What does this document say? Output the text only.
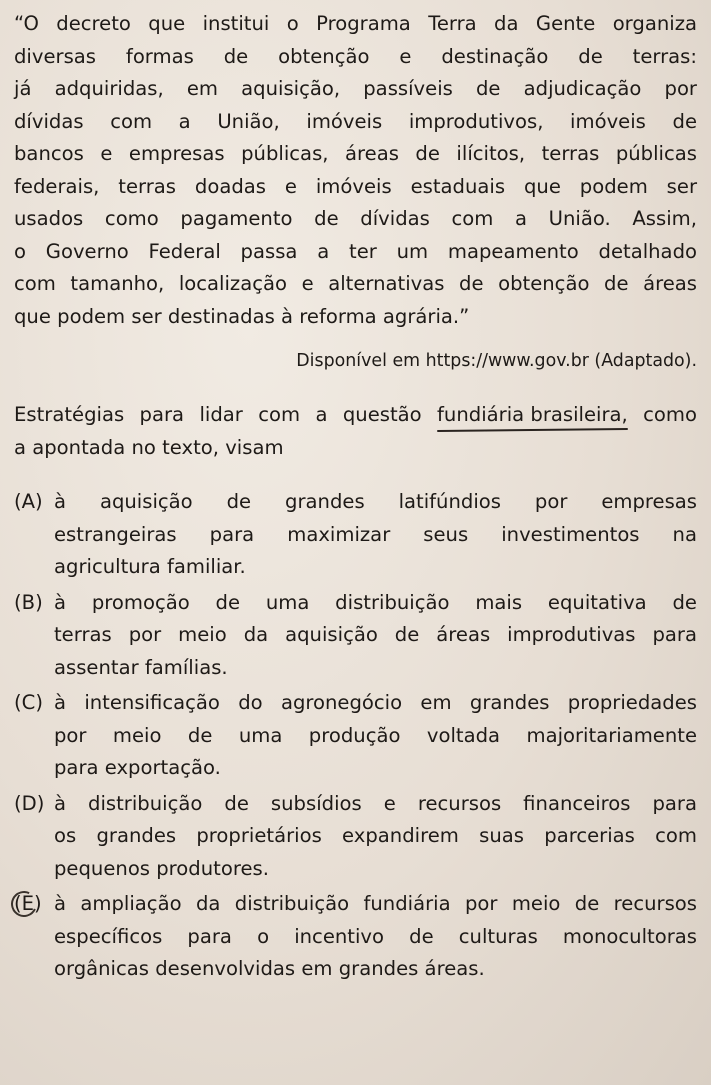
“O decreto que institui o Programa Terra da Gente organiza
diversas formas de obtenção e destinação de terras:
já adquiridas, em aquisição, passíveis de adjudicação por
dívidas com a União, imóveis improdutivos, imóveis de
bancos e empresas públicas, áreas de ilícitos, terras públicas
federais, terras doadas e imóveis estaduais que podem ser
usados como pagamento de dívidas com a União. Assim,
o Governo Federal passa a ter um mapeamento detalhado
com tamanho, localização e alternativas de obtenção de áreas
que podem ser destinadas à reforma agrária.”
Disponível em https://www.gov.br (Adaptado).
Estratégias para lidar com a questão fundiária brasileira, como
a apontada no texto, visam
(A) à aquisição de grandes latifúndios por empresas
estrangeiras para maximizar seus investimentos na
agricultura familiar.
(B) à promoção de uma distribuição mais equitativa de
terras por meio da aquisição de áreas improdutivas para
assentar famílias.
(C) à intensificação do agronegócio em grandes propriedades
por meio de uma produção voltada majoritariamente
para exportação.
(D) à distribuição de subsídios e recursos financeiros para
os grandes proprietários expandirem suas parcerias com
pequenos produtores.
(E) à ampliação da distribuição fundiária por meio de recursos
específicos para o incentivo de culturas monocultoras
orgânicas desenvolvidas em grandes áreas.
